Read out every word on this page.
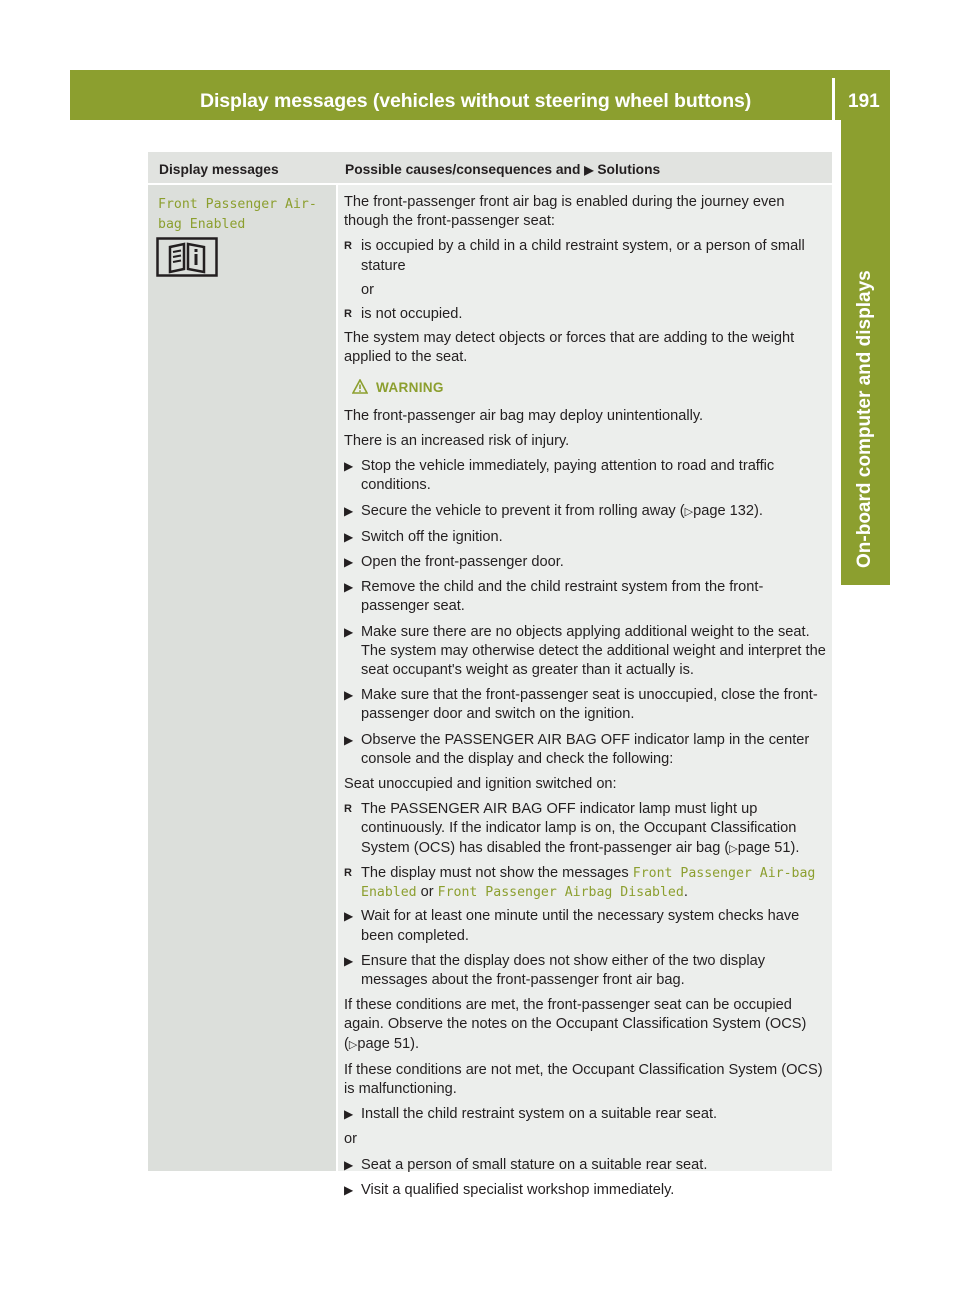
Display messages (vehicles without steering wheel buttons)	191
On-board computer and displays
Display messages	Possible causes/consequences and ▶ Solutions
Front Passenger Air‐
bag Enabled

The front-passenger front air bag is enabled during the journey even though the front-passenger seat:

R is occupied by a child in a child restraint system, or a person of small stature

or

R is not occupied.

The system may detect objects or forces that are adding to the weight applied to the seat.

WARNING

The front-passenger air bag may deploy unintentionally.

There is an increased risk of injury.

▶ Stop the vehicle immediately, paying attention to road and traffic conditions.
▶ Secure the vehicle to prevent it from rolling away (▷page 132).
▶ Switch off the ignition.
▶ Open the front-passenger door.
▶ Remove the child and the child restraint system from the front-passenger seat.
▶ Make sure there are no objects applying additional weight to the seat.
The system may otherwise detect the additional weight and interpret the seat occupant's weight as greater than it actually is.
▶ Make sure that the front-passenger seat is unoccupied, close the front-passenger door and switch on the ignition.
▶ Observe the PASSENGER AIR BAG OFF indicator lamp in the center console and the display and check the following:

Seat unoccupied and ignition switched on:

R The PASSENGER AIR BAG OFF indicator lamp must light up continuously. If the indicator lamp is on, the Occupant Classification System (OCS) has disabled the front-passenger air bag (▷page 51).
R The display must not show the messages Front Passenger Air‐bag Enabled or Front Passenger Airbag Disabled.
▶ Wait for at least one minute until the necessary system checks have been completed.
▶ Ensure that the display does not show either of the two display messages about the front-passenger front air bag.

If these conditions are met, the front-passenger seat can be occupied again. Observe the notes on the Occupant Classification System (OCS) (▷page 51).

If these conditions are not met, the Occupant Classification System (OCS) is malfunctioning.

▶ Install the child restraint system on a suitable rear seat.

or

▶ Seat a person of small stature on a suitable rear seat.
▶ Visit a qualified specialist workshop immediately.
